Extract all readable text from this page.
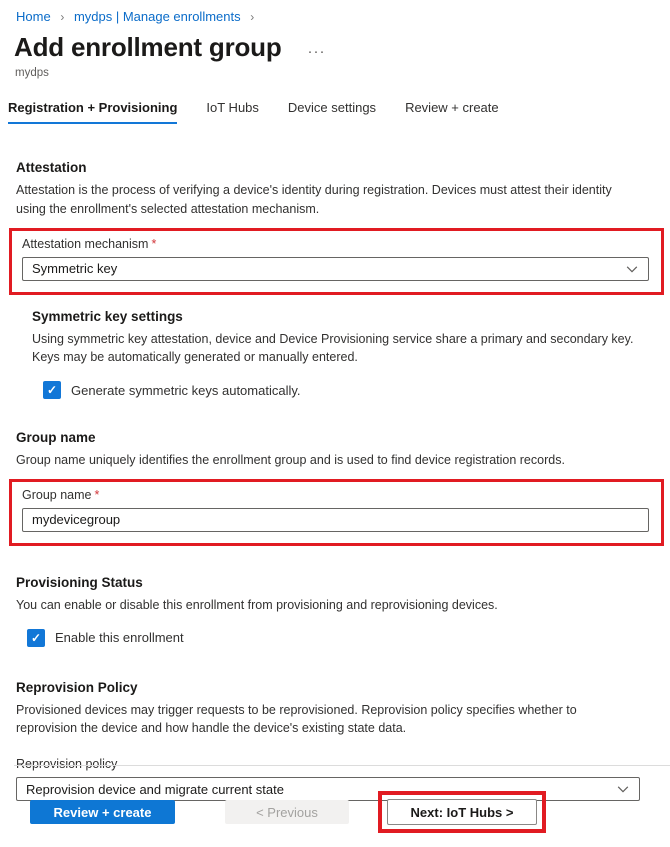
Home › mydps | Manage enrollments ›
Add enrollment group ···
mydps
Registration + Provisioning IoT Hubs Device settings Review + create
Attestation
Attestation is the process of verifying a device's identity during registration. Devices must attest their identity using the enrollment's selected attestation mechanism.
Attestation mechanism *
Symmetric key
Symmetric key settings
Using symmetric key attestation, device and Device Provisioning service share a primary and secondary key. Keys may be automatically generated or manually entered.
✓ Generate symmetric keys automatically.
Group name
Group name uniquely identifies the enrollment group and is used to find device registration records.
Group name *
mydevicegroup
Provisioning Status
You can enable or disable this enrollment from provisioning and reprovisioning devices.
✓ Enable this enrollment
Reprovision Policy
Provisioned devices may trigger requests to be reprovisioned. Reprovision policy specifies whether to reprovision the device and how handle the device's existing state data.
Reprovision policy
Reprovision device and migrate current state
Review + create	< Previous	Next: IoT Hubs >
